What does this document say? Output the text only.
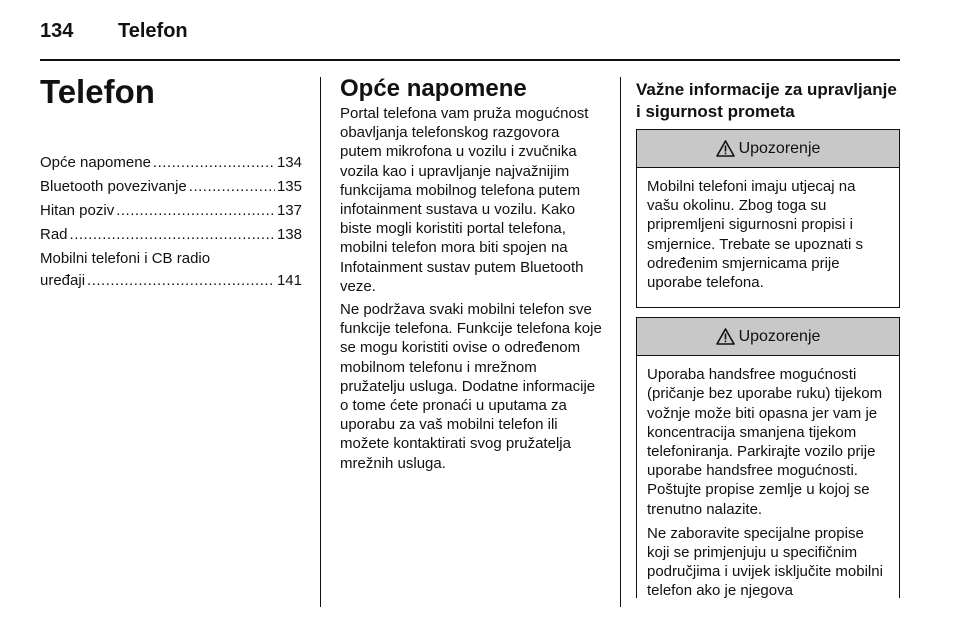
134 Telefon
Telefon
Opće napomene .....	134
Bluetooth povezivanje .....	135
Hitan poziv .....	137
Rad .....	138
Mobilni telefoni i CB radio
uređaji .....	141
Opće napomene

Portal telefona vam pruža mogućnost obavljanja telefonskog razgovora putem mikrofona u vozilu i zvučnika vozila kao i upravljanje najvažnijim funkcijama mobilnog telefona putem infotainment sustava u vozilu. Kako biste mogli koristiti portal telefona, mobilni telefon mora biti spojen na Infotainment sustav putem Bluetooth veze.

Ne podržava svaki mobilni telefon sve funkcije telefona. Funkcije telefona koje se mogu koristiti ovise o određenom mobilnom telefonu i mrežnom pružatelju usluga. Dodatne informacije o tome ćete pronaći u uputama za uporabu za vaš mobilni telefon ili možete kontaktirati svog pružatelja mrežnih usluga.

Važne informacije za upravljanje i sigurnost prometa
Upozorenje

Mobilni telefoni imaju utjecaj na vašu okolinu. Zbog toga su pripremljeni sigurnosni propisi i smjernice. Trebate se upoznati s određenim smjernicama prije uporabe telefona.

Upozorenje

Uporaba handsfree mogućnosti (pričanje bez uporabe ruku) tijekom vožnje može biti opasna jer vam je koncentracija smanjena tijekom telefoniranja. Parkirajte vozilo prije uporabe handsfree mogućnosti. Poštujte propise zemlje u kojoj se trenutno nalazite.

Ne zaboravite specijalne propise koji se primjenjuju u specifičnim područjima i uvijek isključite mobilni telefon ako je njegova
